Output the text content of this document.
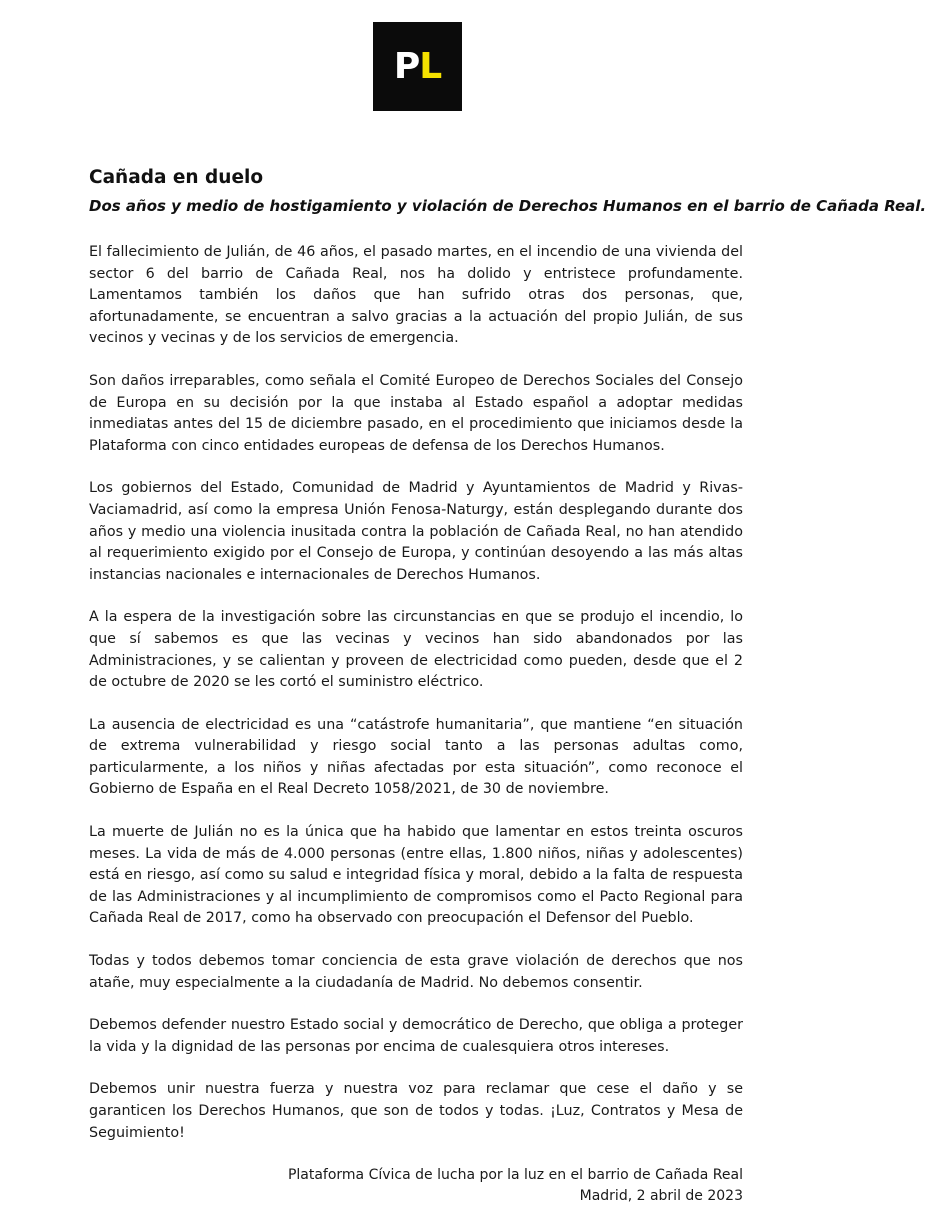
PL
Cañada en duelo
Dos años y medio de hostigamiento y violación de Derechos Humanos en el barrio de Cañada Real.

El fallecimiento de Julián, de 46 años, el pasado martes, en el incendio de una vivienda del sector 6 del barrio de Cañada Real, nos ha dolido y entristece profundamente. Lamentamos también los daños que han sufrido otras dos personas, que, afortunadamente, se encuentran a salvo gracias a la actuación del propio Julián, de sus vecinos y vecinas y de los servicios de emergencia.

Son daños irreparables, como señala el Comité Europeo de Derechos Sociales del Consejo de Europa en su decisión por la que instaba al Estado español a adoptar medidas inmediatas antes del 15 de diciembre pasado, en el procedimiento que iniciamos desde la Plataforma con cinco entidades europeas de defensa de los Derechos Humanos.

Los gobiernos del Estado, Comunidad de Madrid y Ayuntamientos de Madrid y Rivas-Vaciamadrid, así como la empresa Unión Fenosa-Naturgy, están desplegando durante dos años y medio una violencia inusitada contra la población de Cañada Real, no han atendido al requerimiento exigido por el Consejo de Europa, y continúan desoyendo a las más altas instancias nacionales e internacionales de Derechos Humanos.

A la espera de la investigación sobre las circunstancias en que se produjo el incendio, lo que sí sabemos es que las vecinas y vecinos han sido abandonados por las Administraciones, y se calientan y proveen de electricidad como pueden, desde que el 2 de octubre de 2020 se les cortó el suministro eléctrico.

La ausencia de electricidad es una “catástrofe humanitaria”, que mantiene “en situación de extrema vulnerabilidad y riesgo social tanto a las personas adultas como, particularmente, a los niños y niñas afectadas por esta situación”, como reconoce el Gobierno de España en el Real Decreto 1058/2021, de 30 de noviembre.

La muerte de Julián no es la única que ha habido que lamentar en estos treinta oscuros meses. La vida de más de 4.000 personas (entre ellas, 1.800 niños, niñas y adolescentes) está en riesgo, así como su salud e integridad física y moral, debido a la falta de respuesta de las Administraciones y al incumplimiento de compromisos como el Pacto Regional para Cañada Real de 2017, como ha observado con preocupación el Defensor del Pueblo.

Todas y todos debemos tomar conciencia de esta grave violación de derechos que nos atañe, muy especialmente a la ciudadanía de Madrid. No debemos consentir.

Debemos defender nuestro Estado social y democrático de Derecho, que obliga a proteger la vida y la dignidad de las personas por encima de cualesquiera otros intereses.

Debemos unir nuestra fuerza y nuestra voz para reclamar que cese el daño y se garanticen los Derechos Humanos, que son de todos y todas. ¡Luz, Contratos y Mesa de Seguimiento!

Plataforma Cívica de lucha por la luz en el barrio de Cañada Real
Madrid, 2 abril de 2023
